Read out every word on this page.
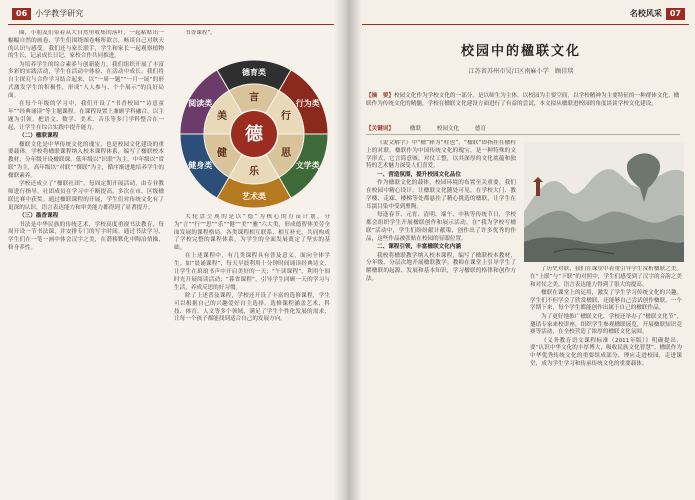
06	小学教学研究

圈，小朋友们带着从大自然里收集的落叶，一起粘贴出一幅幅自然的画卷，学生们围绕图卷畅所欲言，畅谈自己对秋天的认识与感受。我们还与家长联手，学生和家长一起观察植物的生长，记录成长日记，家校合作共同推进。

为培养学生的综合素养与创新能力，我们组织开展了丰富多彩的实践活动，学生在活动中体验、在活动中成长。我们将自主探究与合作学习结合起来，以“一周一题”“一月一展”的形式激发学生的积极性，形成“人人参与、个个展示”的良好局面。

在每个年级的学习中，我们开设了“书香校园”“诗意童年”“经典诵读”等主题课程。在课程设置上兼顾学科融合，以主题为引领，把语文、数学、美术、音乐等多门学科整合在一起，让学生在综合实践中提升能力。

（二）楹联课程

楹联文化是中华传统文化的瑰宝，也是校园文化建设的重要载体。学校将楹联课程纳入校本课程体系，编写了楹联校本教材，分年级开设楹联课。低年级以“识联”为主，中年级以“赏联”为主，高年级以“对联”“撰联”为主，循序渐进地培养学生的楹联素养。

学校还成立了“楹联社团”，每周定期开展活动，由专业教师进行指导。社团成员在学习中不断提高，多次在市、区级楹联比赛中获奖。通过楹联课程的开展，学生们对传统文化有了更深的认识，语言表达能力和审美能力都得到了显著提升。

（三）墨香课程

书法是中华民族的传统艺术，学校高度重视书法教育，每周开设一节书法课，并安排专门的写字时间。通过书法学习，学生们在一笔一画中体会汉字之美，在潜移默化中陶冶情操、修身养性。

书香课程”。

德育类
行为类
文学类
艺术类
健身类
阅读类	言
行
思
乐
健
美
德

大轮盘呈现的是以“德”为核心的育苗计划，分为“言”“行”“思”“乐”“健”“美”“雅”六大类，形成德智体美劳全面发展的课程格局。各类课程相互联系、相互补充，共同构成了学校完整的课程体系，为学生的全面发展奠定了坚实的基础。

在上述课程中，有几类课程具有普及意义，面向全体学生。如“晨诵课程”，每天早晨利用十分钟时间诵读经典诗文，让学生在琅琅书声中开启美好的一天；“午读课程”，利用午间时光开展阅读活动；“暮省课程”，引导学生回顾一天的学习与生活，养成反思的好习惯。

除了上述普及课程，学校还开设了丰富的选修课程，学生可以根据自己的兴趣爱好自主选择。选修课程涵盖艺术、科技、体育、人文等多个领域，满足了学生个性化发展的需求，让每一个孩子都能找到适合自己的发展方向。

名校风采	07
校园中的楹联文化
江苏省苏州市吴江区南麻小学　顾佳琰
【摘　要】校园文化作为学校文化的一部分，是以师生为主体，以校园为主要空间，以学校精神为主要特征的一种群体文化。楹联作为传统文化的精髓，学校在楹联文化建设方面进行了有益的尝试，本文拟从楹联进校园的角度谈谈学校文化建设。
【关键词】	楹联	校园文化	德育

《说文解字》中“楹”释为“柱也”，“楹联”即指挂在楹柱上的对联。楹联作为中国传统文化的瑰宝，是一种特殊的文学形式，它言简意赅，对仗工整，以其深厚的文化底蕴和独特的艺术魅力深受人们喜爱。

一、营造氛围，提升校园文化品位

作为楹联文化的载体，校园环境的布置至关重要。我们在校园中精心设计，让楹联文化随处可见。在学校大门、教学楼、走廊、楼梯等处都悬挂了精心挑选的楹联，让学生在耳濡目染中受到熏陶。

每逢春节、元宵、清明、端午、中秋等传统节日，学校都会组织学生开展楹联创作和展示活动。在“我为学校写楹联”活动中，学生们纷纷献计献策，创作出了许多优秀的作品，这些作品被张贴在校园的显眼位置。

二、课程引领，丰富楹联文化内涵

我校将楹联教学纳入校本课程，编写了楹联校本教材，分年级、分层次地开展楹联教学。教师在课堂上引导学生了解楹联的起源、发展和基本知识，学习楹联的格律和创作方法。

了历史对联，我们在课堂中着重引导学生赏析楹联之美。在“上联”与“下联”的对照中，学生们感受到了汉字的音韵之美和对仗之美，语言表达能力得到了很大的提高。

楹联在课堂上的运用，激发了学生学习传统文化的兴趣。学生们不但学会了欣赏楹联，还能够自己尝试创作楹联。一个学期下来，每个学生都能创作出属于自己的楹联作品。

为了更好地推广楹联文化，学校还举办了“楹联文化节”，邀请专家来校讲座，组织学生参观楹联展览，开展楹联知识竞赛等活动，在全校营造了浓厚的楹联文化氛围。

《义务教育语文课程标准（2011年版）》明确提出，要“认识中华文化的丰厚博大，吸收民族文化智慧”。楹联作为中华优秀传统文化的重要组成部分，理应走进校园，走进课堂，成为学生学习和传承传统文化的重要载体。
